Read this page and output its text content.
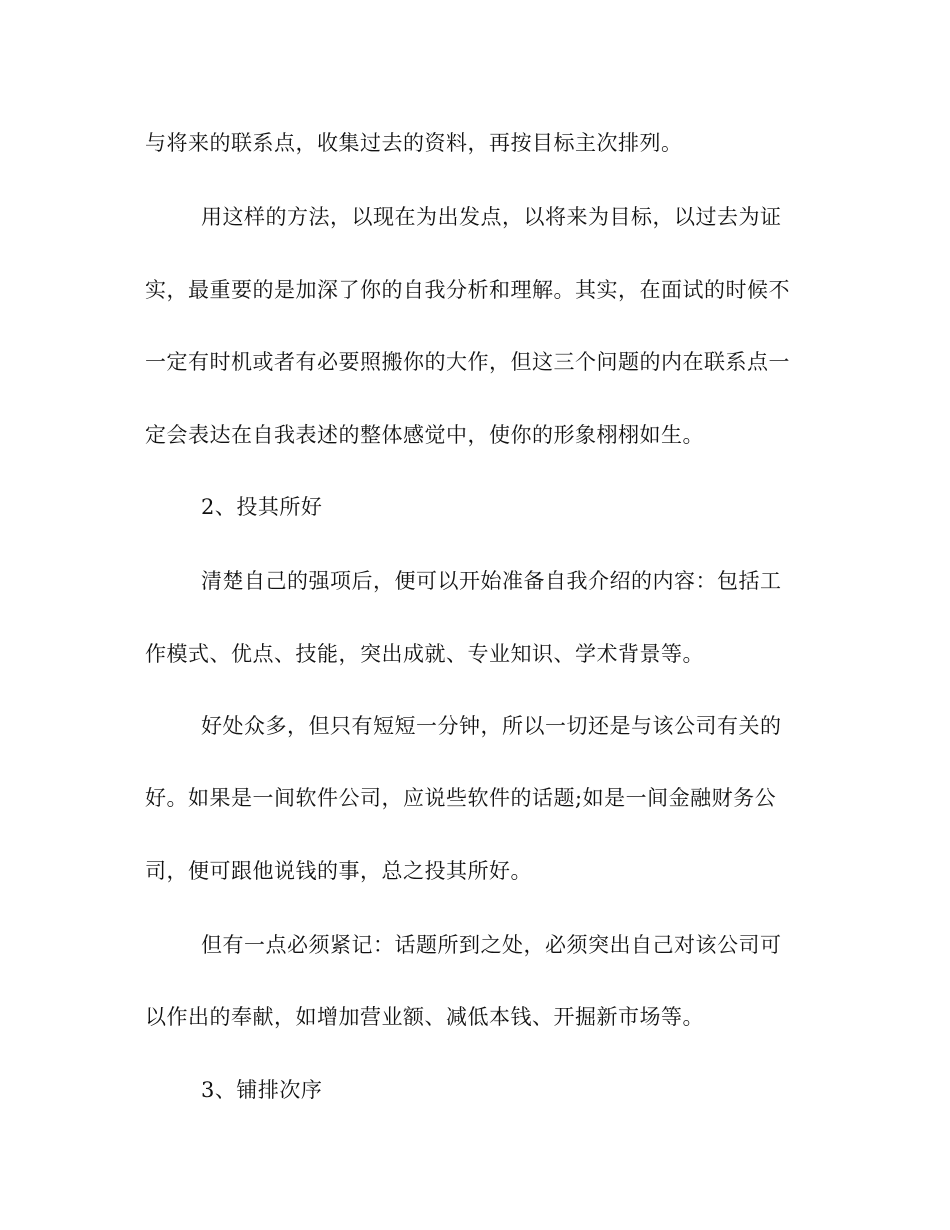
与将来的联系点，收集过去的资料，再按目标主次排列。
用这样的方法，以现在为出发点，以将来为目标，以过去为证
实，最重要的是加深了你的自我分析和理解。其实，在面试的时候不
一定有时机或者有必要照搬你的大作，但这三个问题的内在联系点一
定会表达在自我表述的整体感觉中，使你的形象栩栩如生。
2、投其所好
清楚自己的强项后，便可以开始准备自我介绍的内容：包括工
作模式、优点、技能，突出成就、专业知识、学术背景等。
好处众多，但只有短短一分钟，所以一切还是与该公司有关的
好。如果是一间软件公司，应说些软件的话题;如是一间金融财务公
司，便可跟他说钱的事，总之投其所好。
但有一点必须紧记：话题所到之处，必须突出自己对该公司可
以作出的奉献，如增加营业额、减低本钱、开掘新市场等。
3、铺排次序
